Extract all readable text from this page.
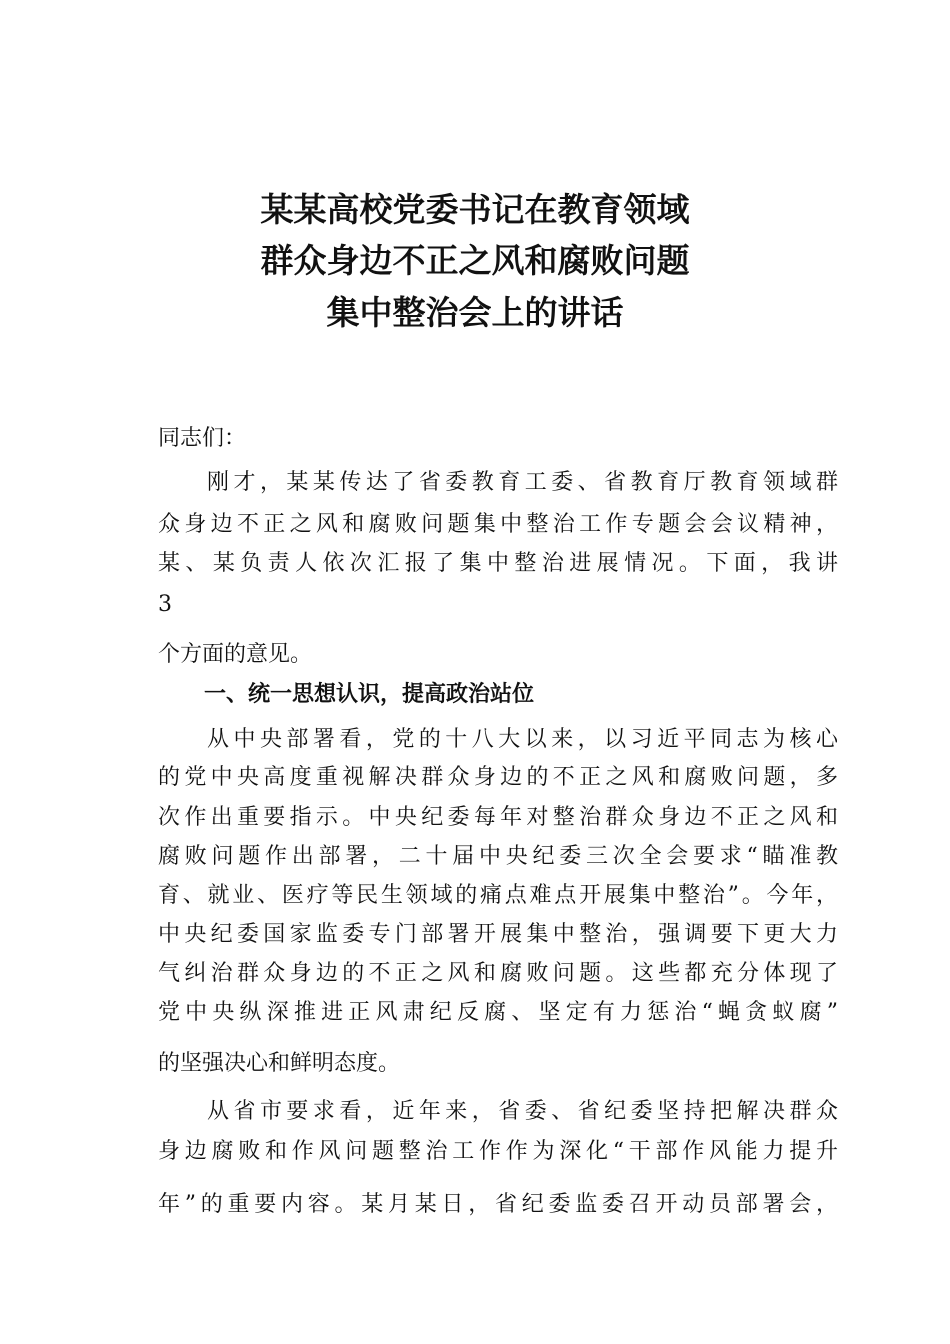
某某高校党委书记在教育领域
群众身边不正之风和腐败问题
集中整治会上的讲话
同志们：
刚才，某某传达了省委教育工委、省教育厅教育领域群
众身边不正之风和腐败问题集中整治工作专题会会议精神，
某、某负责人依次汇报了集中整治进展情况。下面，我讲
3
个方面的意见。
一、统一思想认识，提高政治站位
从中央部署看，党的十八大以来，以习近平同志为核心
的党中央高度重视解决群众身边的不正之风和腐败问题，多
次作出重要指示。中央纪委每年对整治群众身边不正之风和
腐败问题作出部署，二十届中央纪委三次全会要求“瞄准教
育、就业、医疗等民生领域的痛点难点开展集中整治”。今年，
中央纪委国家监委专门部署开展集中整治，强调要下更大力
气纠治群众身边的不正之风和腐败问题。这些都充分体现了
党中央纵深推进正风肃纪反腐、坚定有力惩治“蝇贪蚁腐”
的坚强决心和鲜明态度。
从省市要求看，近年来，省委、省纪委坚持把解决群众
身边腐败和作风问题整治工作作为深化“干部作风能力提升
年”的重要内容。某月某日，省纪委监委召开动员部署会，
